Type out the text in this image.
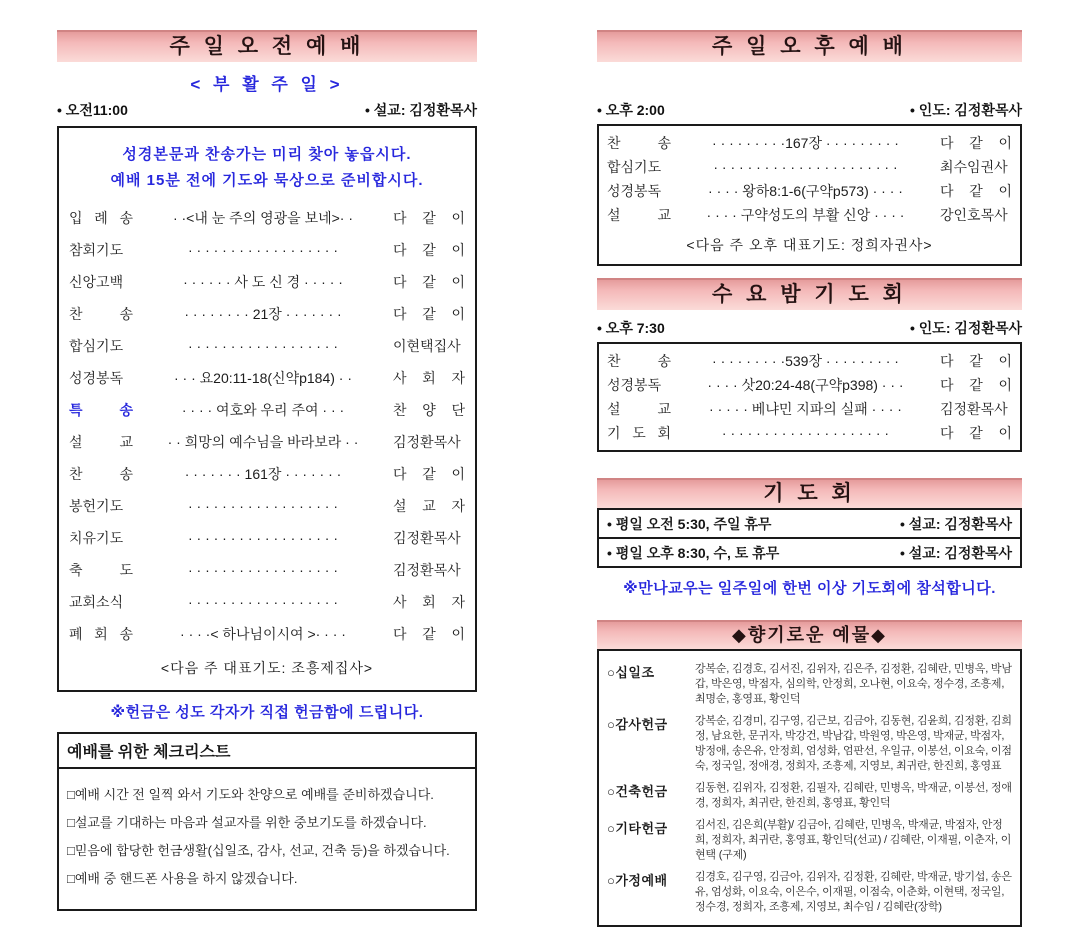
주 일 오 전 예 배
< 부 활 주 일 >
• 오전11:00	• 설교: 김정환목사
성경본문과 찬송가는 미리 찾아 놓읍시다.
예배 15분 전에 기도와 묵상으로 준비합시다.
입 례 송	· ·<내 눈 주의 영광을 보네>· ·	다 같 이
참회기도	· · · · · · · · · · · · · · · · · ·	다 같 이
신앙고백	· · · · · · 사 도 신 경 · · · · ·	다 같 이
찬 송	· · · · · · · · 21장 · · · · · · ·	다 같 이
합심기도	· · · · · · · · · · · · · · · · · ·	이현택집사
성경봉독	· · · 요20:11-18(신약p184) · ·	사 회 자
특 송	· · · · 여호와 우리 주여 · · ·	찬 양 단
설 교	· · 희망의 예수님을 바라보라 · ·	김정환목사
찬 송	· · · · · · · 161장 · · · · · · ·	다 같 이
봉헌기도	· · · · · · · · · · · · · · · · · ·	설 교 자
치유기도	· · · · · · · · · · · · · · · · · ·	김정환목사
축 도	· · · · · · · · · · · · · · · · · ·	김정환목사
교회소식	· · · · · · · · · · · · · · · · · ·	사 회 자
폐 회 송	· · · ·< 하나님이시여 >· · · ·	다 같 이
<다음 주 대표기도: 조흥제집사>
※헌금은 성도 각자가 직접 헌금함에 드립니다.
예배를 위한 체크리스트
□예배 시간 전 일찍 와서 기도와 찬양으로 예배를 준비하겠습니다.
□설교를 기대하는 마음과 설교자를 위한 중보기도를 하겠습니다.
□믿음에 합당한 헌금생활(십일조, 감사, 선교, 건축 등)을 하겠습니다.
□예배 중 핸드폰 사용을 하지 않겠습니다.
주 일 오 후 예 배
• 오후 2:00	• 인도: 김정환목사
찬 송	· · · · · · · · ·167장 · · · · · · · · ·	다 같 이
합심기도	· · · · · · · · · · · · · · · · · · · · · ·	최수임권사
성경봉독	· · · · 왕하8:1-6(구약p573) · · · ·	다 같 이
설 교	· · · · 구약성도의 부활 신앙 · · · ·	강인호목사
<다음 주 오후 대표기도: 정희자권사>
수 요 밤 기 도 회
• 오후 7:30	• 인도: 김정환목사
찬 송	· · · · · · · · ·539장 · · · · · · · · ·	다 같 이
성경봉독	· · · · 삿20:24-48(구약p398) · · ·	다 같 이
설 교	· · · · · 베냐민 지파의 실패 · · · ·	김정환목사
기 도 회	· · · · · · · · · · · · · · · · · · · ·	다 같 이
기 도 회
• 평일 오전 5:30, 주일 휴무	• 설교: 김정환목사
• 평일 오후 8:30, 수, 토 휴무	• 설교: 김정환목사
※만나교우는 일주일에 한번 이상 기도회에 참석합니다.
◆향기로운 예물◆
○십일조	강복순, 김경호, 김서진, 김위자, 김은주, 김정환, 김혜란, 민병옥, 박남갑, 박은영, 박점자, 심의학, 안정희, 오나현, 이요숙, 정수경, 조흥제, 최명순, 홍영표, 황인덕
○감사헌금	강복순, 김경미, 김구영, 김근보, 김금아, 김동현, 김윤희, 김정환, 김희정, 남요한, 문귀자, 박강건, 박남갑, 박원영, 박은영, 박재균, 박점자, 방정애, 송은유, 안정희, 엄성화, 엄판선, 우일규, 이봉선, 이요숙, 이점숙, 정국일, 정애경, 정희자, 조흥제, 지영보, 최귀란, 한진희, 홍영표
○건축헌금	김동현, 김위자, 김정환, 김필자, 김혜란, 민병옥, 박재균, 이봉선, 정애경, 정희자, 최귀란, 한진희, 홍영표, 황인덕
○기타헌금	김서진, 김은희(부활)/ 김금아, 김혜란, 민병옥, 박재균, 박점자, 안정희, 정희자, 최귀란, 홍영표, 황인덕(선교) / 김혜란, 이재필, 이춘자, 이현택 (구제)
○가정예배	김경호, 김구영, 김금아, 김위자, 김정환, 김혜란, 박재균, 방기섭, 송은유, 엄성화, 이요숙, 이은수, 이재필, 이점숙, 이춘화, 이현택, 정국일, 정수경, 정희자, 조흥제, 지영보, 최수임 / 김혜란(장학)
